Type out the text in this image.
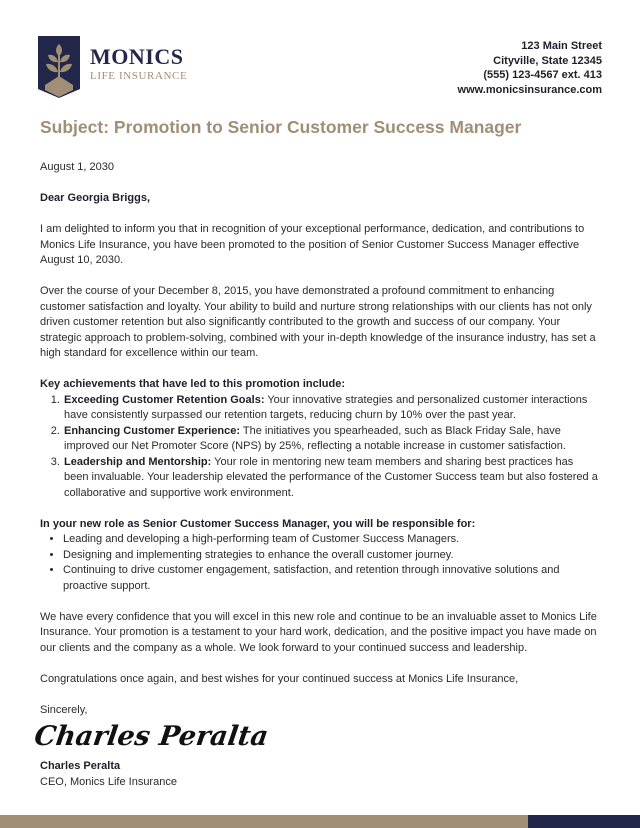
MONICS
LIFE INSURANCE
123 Main Street
Cityville, State 12345
(555) 123-4567 ext. 413
www.monicsinsurance.com
Subject: Promotion to Senior Customer Success Manager

August 1, 2030

Dear Georgia Briggs,

I am delighted to inform you that in recognition of your exceptional performance, dedication, and contributions to Monics Life Insurance, you have been promoted to the position of Senior Customer Success Manager effective August 10, 2030.

Over the course of your December 8, 2015, you have demonstrated a profound commitment to enhancing customer satisfaction and loyalty. Your ability to build and nurture strong relationships with our clients has not only driven customer retention but also significantly contributed to the growth and success of our company. Your strategic approach to problem-solving, combined with your in-depth knowledge of the insurance industry, has set a high standard for excellence within our team.

Key achievements that have led to this promotion include:

1. Exceeding Customer Retention Goals: Your innovative strategies and personalized customer interactions have consistently surpassed our retention targets, reducing churn by 10% over the past year.
2. Enhancing Customer Experience: The initiatives you spearheaded, such as Black Friday Sale, have improved our Net Promoter Score (NPS) by 25%, reflecting a notable increase in customer satisfaction.
3. Leadership and Mentorship: Your role in mentoring new team members and sharing best practices has been invaluable. Your leadership elevated the performance of the Customer Success team but also fostered a collaborative and supportive work environment.

In your new role as Senior Customer Success Manager, you will be responsible for:

• Leading and developing a high-performing team of Customer Success Managers.
• Designing and implementing strategies to enhance the overall customer journey.
• Continuing to drive customer engagement, satisfaction, and retention through innovative solutions and proactive support.

We have every confidence that you will excel in this new role and continue to be an invaluable asset to Monics Life Insurance. Your promotion is a testament to your hard work, dedication, and the positive impact you have made on our clients and the company as a whole. We look forward to your continued success and leadership.

Congratulations once again, and best wishes for your continued success at Monics Life Insurance,

Sincerely,

Charles Peralta
Charles Peralta
CEO, Monics Life Insurance
